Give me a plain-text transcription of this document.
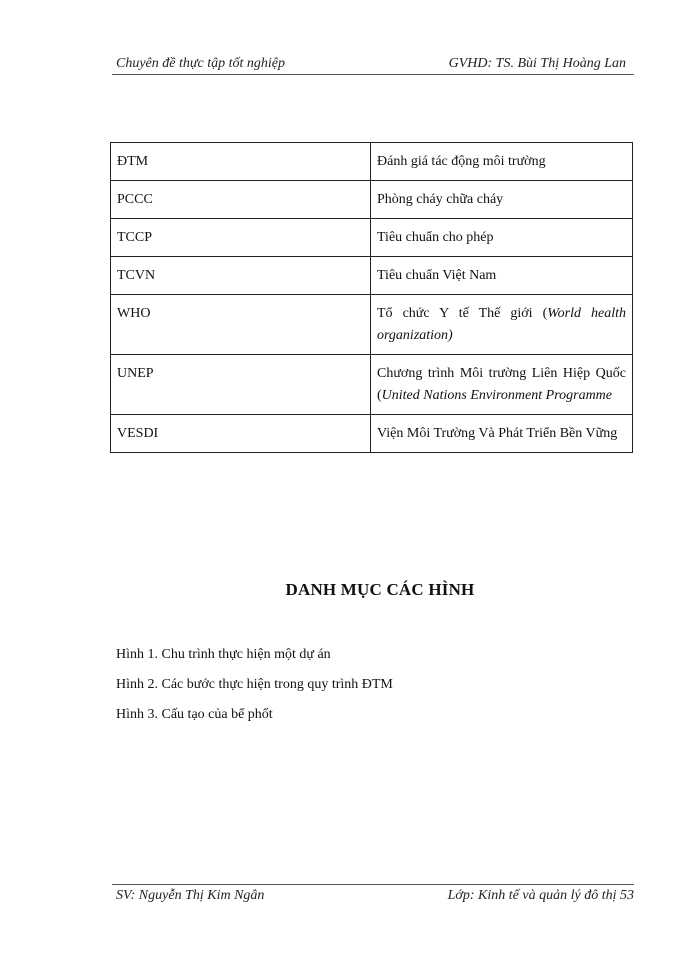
Chuyên đề thực tập tốt nghiệp	GVHD: TS. Bùi Thị Hoàng Lan
ĐTM	Đánh giá tác động môi trường
PCCC	Phòng cháy chữa cháy
TCCP	Tiêu chuẩn cho phép
TCVN	Tiêu chuẩn Việt Nam
WHO	Tổ chức Y tế Thế giới (World health organization)
UNEP	Chương trình Môi trường Liên Hiệp Quốc (United Nations Environment Programme
VESDI	Viện Môi Trường Và Phát Triển Bền Vững
DANH MỤC CÁC HÌNH
Hình 1. Chu trình thực hiện một dự án
Hình 2. Các bước thực hiện trong quy trình ĐTM
Hình 3. Cấu tạo của bể phốt
SV: Nguyễn Thị Kim Ngân	Lớp: Kinh tế và quản lý đô thị 53
